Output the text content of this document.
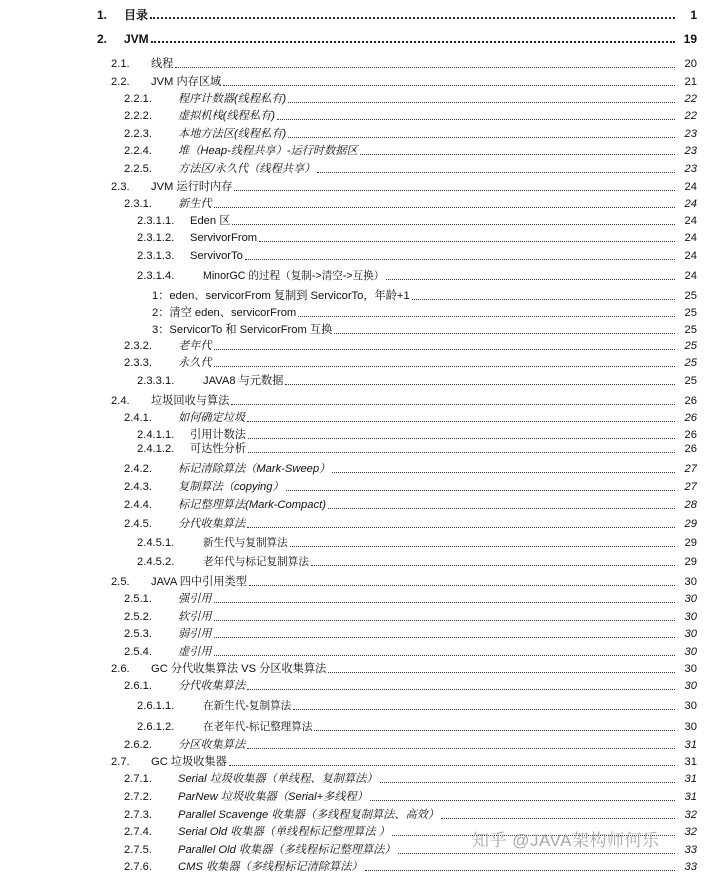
1.	目录	1
2.	JVM	19
2.1.	线程	20
2.2.	JVM 内存区域	21
2.2.1.	程序计数器(线程私有)	22
2.2.2.	虚拟机栈(线程私有)	22
2.2.3.	本地方法区(线程私有)	23
2.2.4.	堆（Heap-线程共享）-运行时数据区	23
2.2.5.	方法区/永久代（线程共享）	23
2.3.	JVM 运行时内存	24
2.3.1.	新生代	24
2.3.1.1.	Eden 区	24
2.3.1.2.	ServivorFrom	24
2.3.1.3.	ServivorTo	24
2.3.1.4.	MinorGC 的过程（复制->清空->互换）	24
1：eden、servicorFrom 复制到 ServicorTo，年龄+1	25
2：清空 eden、servicorFrom	25
3：ServicorTo 和 ServicorFrom 互换	25
2.3.2.	老年代	25
2.3.3.	永久代	25
2.3.3.1.	JAVA8 与元数据	25
2.4.	垃圾回收与算法	26
2.4.1.	如何确定垃圾	26
2.4.1.1.	引用计数法	26
2.4.1.2.	可达性分析	26
2.4.2.	标记清除算法（Mark-Sweep）	27
2.4.3.	复制算法（copying）	27
2.4.4.	标记整理算法(Mark-Compact)	28
2.4.5.	分代收集算法	29
2.4.5.1.	新生代与复制算法	29
2.4.5.2.	老年代与标记复制算法	29
2.5.	JAVA 四中引用类型	30
2.5.1.	强引用	30
2.5.2.	软引用	30
2.5.3.	弱引用	30
2.5.4.	虚引用	30
2.6.	GC 分代收集算法 VS 分区收集算法	30
2.6.1.	分代收集算法	30
2.6.1.1.	在新生代-复制算法	30
2.6.1.2.	在老年代-标记整理算法	30
2.6.2.	分区收集算法	31
2.7.	GC 垃圾收集器	31
2.7.1.	Serial 垃圾收集器（单线程、复制算法）	31
2.7.2.	ParNew 垃圾收集器（Serial+多线程）	31
2.7.3.	Parallel Scavenge 收集器（多线程复制算法、高效）	32
2.7.4.	Serial Old 收集器（单线程标记整理算法 ）	32
2.7.5.	Parallel Old 收集器（多线程标记整理算法）	33
2.7.6.	CMS 收集器（多线程标记清除算法）	33
知乎 @JAVA架构师何乐
